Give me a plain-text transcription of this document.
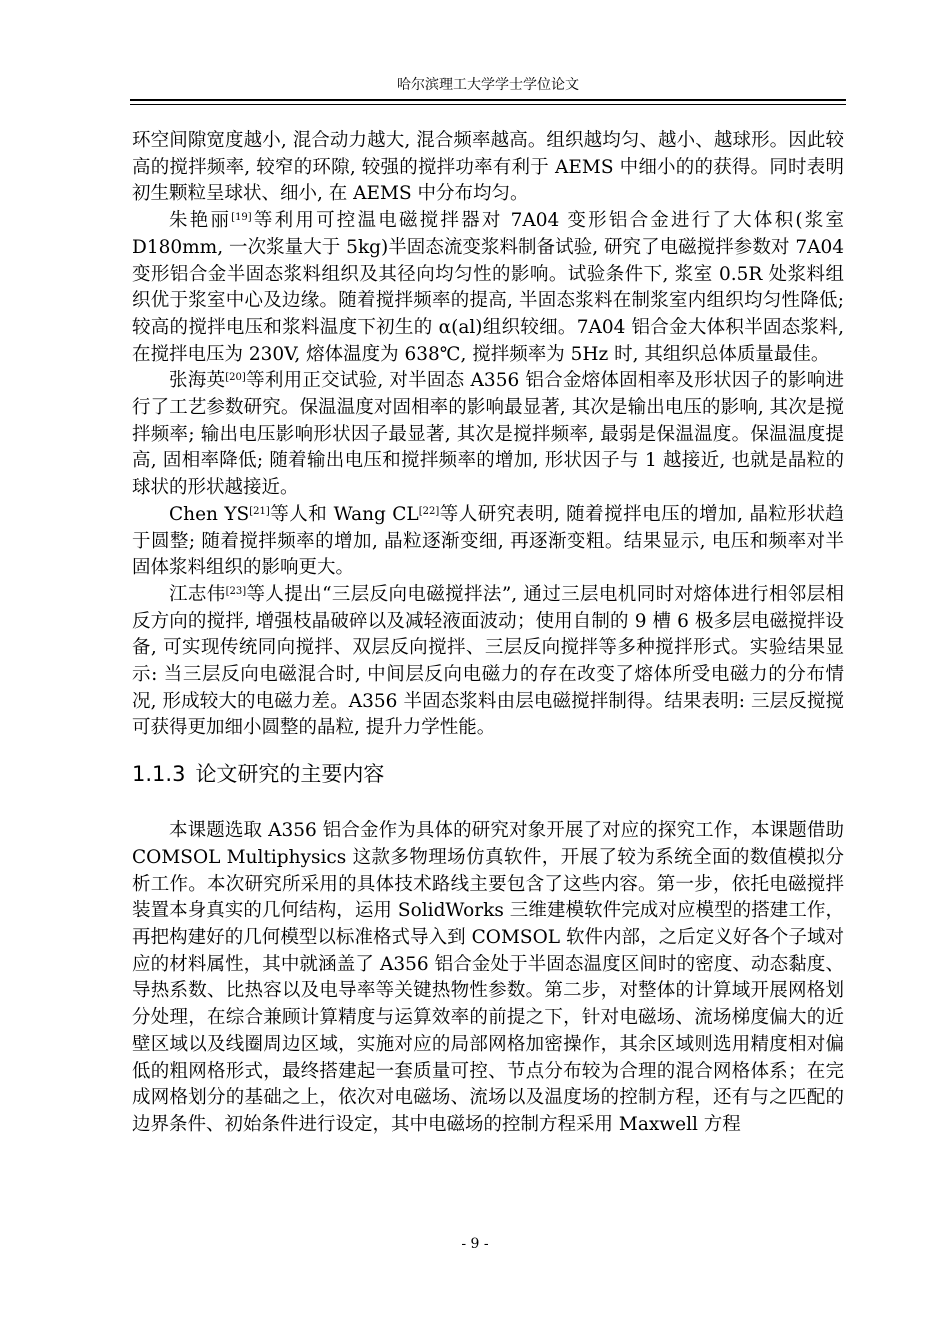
哈尔滨理工大学学士学位论文

环空间隙宽度越小, 混合动力越大, 混合频率越高。组织越均匀、越小、越球形。因此较高的搅拌频率, 较窄的环隙, 较强的搅拌功率有利于 AEMS 中细小的的获得。同时表明初生颗粒呈球状、细小, 在 AEMS 中分布均匀。

朱艳丽[19]等利用可控温电磁搅拌器对 7A04 变形铝合金进行了大体积(浆室 D180mm, 一次浆量大于 5kg)半固态流变浆料制备试验, 研究了电磁搅拌参数对 7A04 变形铝合金半固态浆料组织及其径向均匀性的影响。试验条件下, 浆室 0.5R 处浆料组织优于浆室中心及边缘。随着搅拌频率的提高, 半固态浆料在制浆室内组织均匀性降低; 较高的搅拌电压和浆料温度下初生的 α(al)组织较细。7A04 铝合金大体积半固态浆料, 在搅拌电压为 230V, 熔体温度为 638℃, 搅拌频率为 5Hz 时, 其组织总体质量最佳。

张海英[20]等利用正交试验, 对半固态 A356 铝合金熔体固相率及形状因子的影响进行了工艺参数研究。保温温度对固相率的影响最显著, 其次是输出电压的影响, 其次是搅拌频率; 输出电压影响形状因子最显著, 其次是搅拌频率, 最弱是保温温度。保温温度提高, 固相率降低; 随着输出电压和搅拌频率的增加, 形状因子与 1 越接近, 也就是晶粒的球状的形状越接近。

Chen YS[21]等人和 Wang CL[22]等人研究表明, 随着搅拌电压的增加, 晶粒形状趋于圆整; 随着搅拌频率的增加, 晶粒逐渐变细, 再逐渐变粗。结果显示, 电压和频率对半固体浆料组织的影响更大。

江志伟[23]等人提出“三层反向电磁搅拌法”, 通过三层电机同时对熔体进行相邻层相反方向的搅拌, 增强枝晶破碎以及减轻液面波动；使用自制的 9 槽 6 极多层电磁搅拌设备, 可实现传统同向搅拌、双层反向搅拌、三层反向搅拌等多种搅拌形式。实验结果显示: 当三层反向电磁混合时, 中间层反向电磁力的存在改变了熔体所受电磁力的分布情况, 形成较大的电磁力差。A356 半固态浆料由层电磁搅拌制得。结果表明: 三层反搅搅可获得更加细小圆整的晶粒, 提升力学性能。

1.1.3 论文研究的主要内容

本课题选取 A356 铝合金作为具体的研究对象开展了对应的探究工作，本课题借助 COMSOL Multiphysics 这款多物理场仿真软件，开展了较为系统全面的数值模拟分析工作。本次研究所采用的具体技术路线主要包含了这些内容。第一步，依托电磁搅拌装置本身真实的几何结构，运用 SolidWorks 三维建模软件完成对应模型的搭建工作，再把构建好的几何模型以标准格式导入到 COMSOL 软件内部，之后定义好各个子域对应的材料属性，其中就涵盖了 A356 铝合金处于半固态温度区间时的密度、动态黏度、导热系数、比热容以及电导率等关键热物性参数。第二步，对整体的计算域开展网格划分处理，在综合兼顾计算精度与运算效率的前提之下，针对电磁场、流场梯度偏大的近壁区域以及线圈周边区域，实施对应的局部网格加密操作，其余区域则选用精度相对偏低的粗网格形式，最终搭建起一套质量可控、节点分布较为合理的混合网格体系；在完成网格划分的基础之上，依次对电磁场、流场以及温度场的控制方程，还有与之匹配的边界条件、初始条件进行设定，其中电磁场的控制方程采用 Maxwell 方程

- 9 -
